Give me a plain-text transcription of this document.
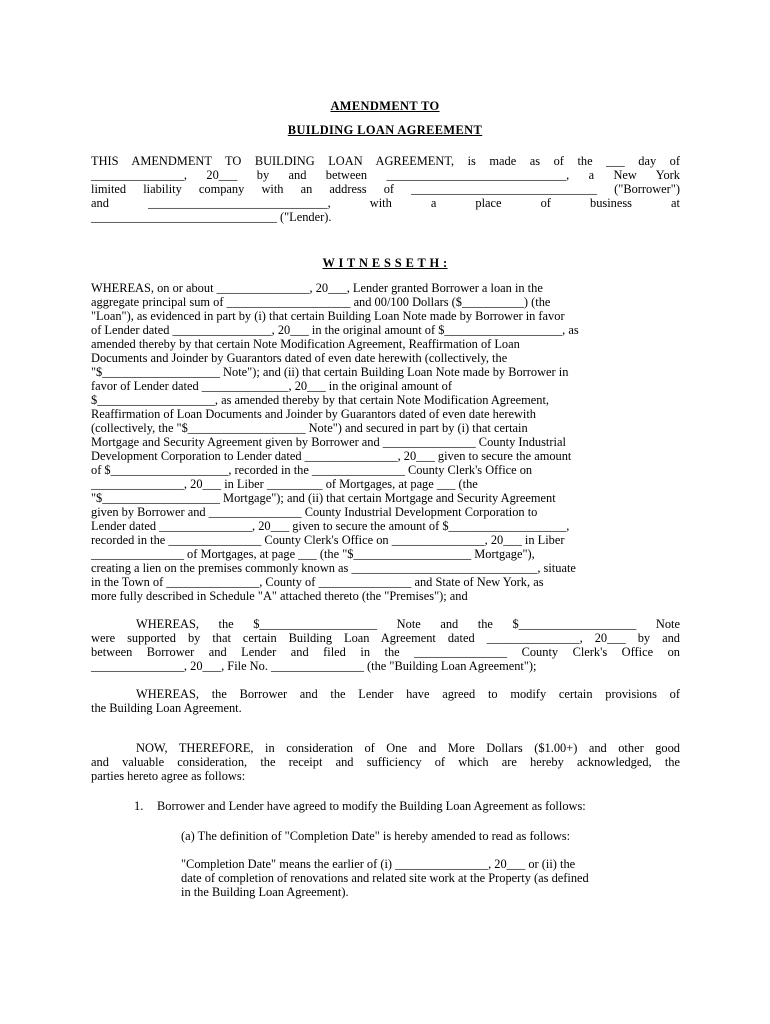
AMENDMENT TO
BUILDING LOAN AGREEMENT
THIS AMENDMENT TO BUILDING LOAN AGREEMENT, is made as of the ___ day of
_______________, 20___ by and between _____________________________, a New York
limited liability company with an address of ______________________________ ("Borrower")
and _____________________________, with a place of business at
______________________________ ("Lender).
W I T N E S S E T H :
WHEREAS, on or about _______________, 20___, Lender granted Borrower a loan in the
aggregate principal sum of ____________________ and 00/100 Dollars ($__________) (the
"Loan"), as evidenced in part by (i) that certain Building Loan Note made by Borrower in favor
of Lender dated ________________, 20___ in the original amount of $___________________, as
amended thereby by that certain Note Modification Agreement, Reaffirmation of Loan
Documents and Joinder by Guarantors dated of even date herewith (collectively, the
"$___________________ Note"); and (ii) that certain Building Loan Note made by Borrower in
favor of Lender dated ______________, 20___ in the original amount of
$___________________, as amended thereby by that certain Note Modification Agreement,
Reaffirmation of Loan Documents and Joinder by Guarantors dated of even date herewith
(collectively, the "$___________________ Note") and secured in part by (i) that certain
Mortgage and Security Agreement given by Borrower and _______________ County Industrial
Development Corporation to Lender dated _______________, 20___ given to secure the amount
of $___________________, recorded in the _______________ County Clerk's Office on
_______________, 20___ in Liber _________ of Mortgages, at page ___ (the
"$___________________ Mortgage"); and (ii) that certain Mortgage and Security Agreement
given by Borrower and _______________ County Industrial Development Corporation to
Lender dated _______________, 20___ given to secure the amount of $___________________,
recorded in the _______________ County Clerk's Office on _______________, 20___ in Liber
_______________ of Mortgages, at page ___ (the "$___________________ Mortgage"),
creating a lien on the premises commonly known as ______________________________, situate
in the Town of _______________, County of _______________ and State of New York, as
more fully described in Schedule "A" attached thereto (the "Premises"); and
WHEREAS, the $___________________ Note and the $___________________ Note
were supported by that certain Building Loan Agreement dated _______________, 20___ by and
between Borrower and Lender and filed in the _______________ County Clerk's Office on
_______________, 20___, File No. _______________ (the "Building Loan Agreement");
WHEREAS, the Borrower and the Lender have agreed to modify certain provisions of
the Building Loan Agreement.
NOW, THEREFORE, in consideration of One and More Dollars ($1.00+) and other good
and valuable consideration, the receipt and sufficiency of which are hereby acknowledged, the
parties hereto agree as follows:
1. Borrower and Lender have agreed to modify the Building Loan Agreement as follows:
(a) The definition of "Completion Date" is hereby amended to read as follows:
"Completion Date" means the earlier of (i) _______________, 20___ or (ii) the
date of completion of renovations and related site work at the Property (as defined
in the Building Loan Agreement).
